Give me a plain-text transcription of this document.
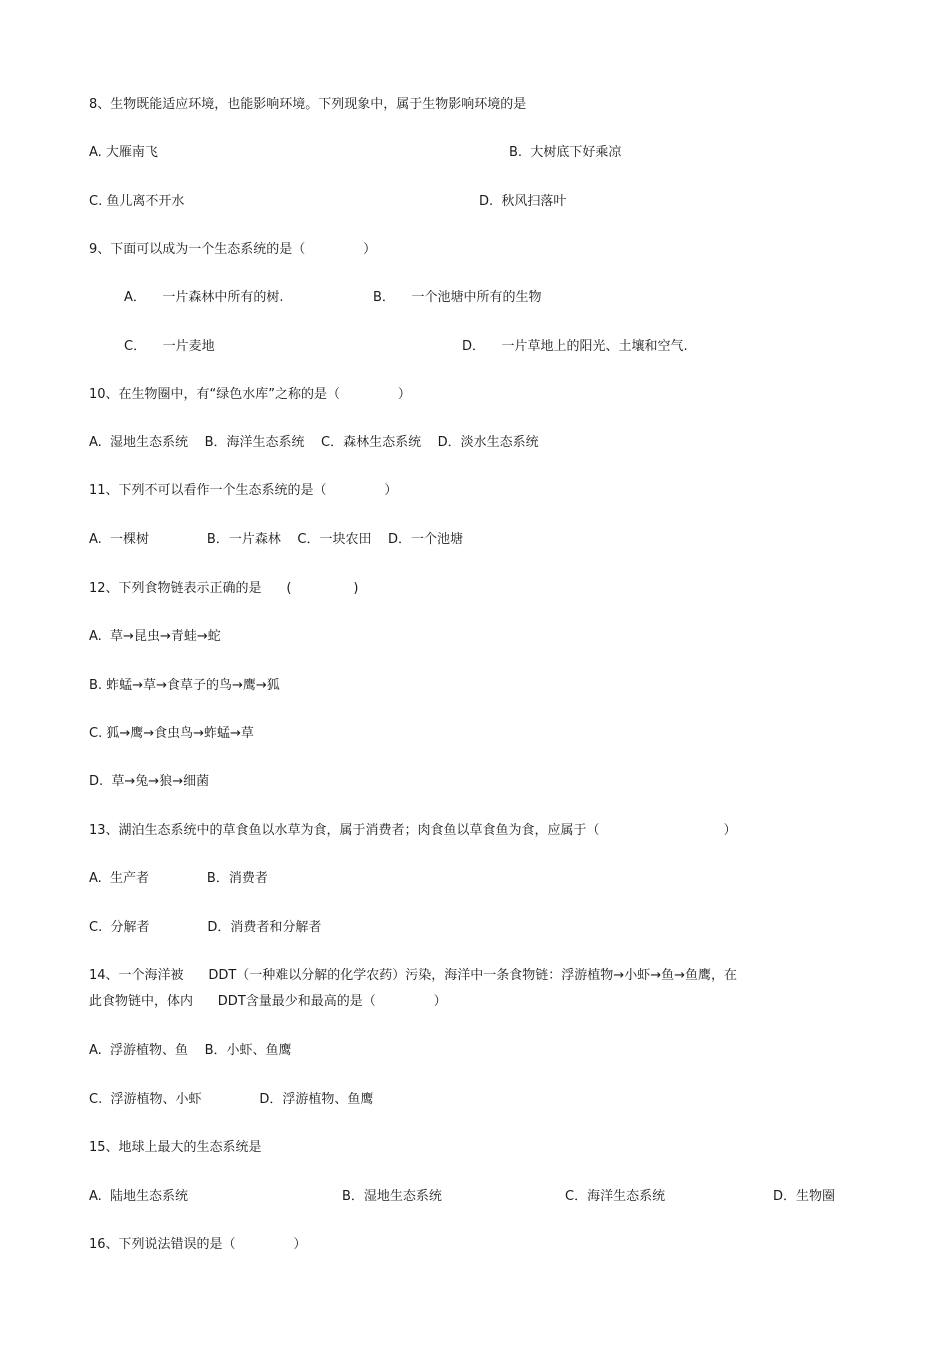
8、生物既能适应环境，也能影响环境。下列现象中，属于生物影响环境的是
A. 大雁南飞	B.  大树底下好乘凉
C. 鱼儿离不开水	D.  秋风扫落叶
9、下面可以成为一个生态系统的是（              ）
A．    一片森林中所有的树.	B．    一个池塘中所有的生物
C．    一片麦地	D．    一片草地上的阳光、土壤和空气.
10、在生物圈中，有“绿色水库”之称的是（              ）
A.  湿地生态系统    B．海洋生态系统    C．森林生态系统    D．淡水生态系统
11、下列不可以看作一个生态系统的是（              ）
A.  一棵树              B．一片森林    C．一块农田    D．一个池塘
12、下列食物链表示正确的是      (               )
A.  草→昆虫→青蛙→蛇
B. 蚱蜢→草→食草子的鸟→鹰→狐
C. 狐→鹰→食虫鸟→蚱蜢→草
D.  草→兔→狼→细菌
13、湖泊生态系统中的草食鱼以水草为食，属于消费者；肉食鱼以草食鱼为食，应属于（                              ）
A.  生产者              B．消费者
C.  分解者              D．消费者和分解者
14、一个海洋被      DDT（一种难以分解的化学农药）污染，海洋中一条食物链：浮游植物→小虾→鱼→鱼鹰，在
此食物链中，体内      DDT含量最少和最高的是（              ）
A.  浮游植物、鱼    B．小虾、鱼鹰
C.  浮游植物、小虾              D．浮游植物、鱼鹰
15、地球上最大的生态系统是
A.  陆地生态系统	B．湿地生态系统	C．海洋生态系统	D．生物圈
16、下列说法错误的是（              ）
